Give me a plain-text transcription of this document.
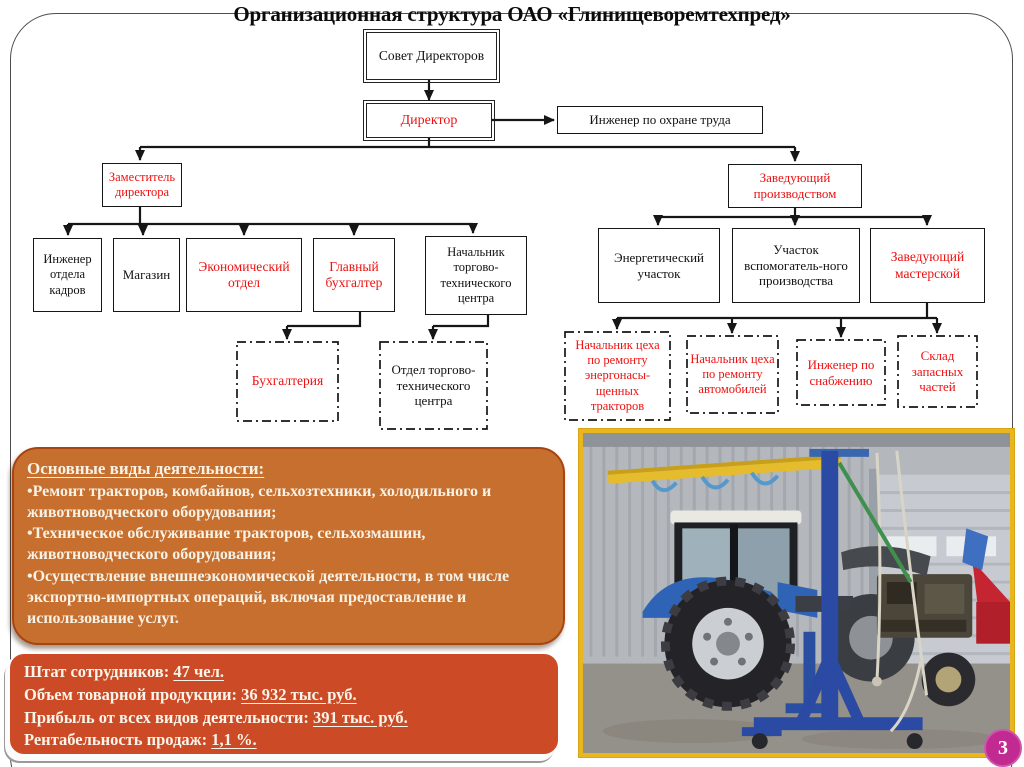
Организационная структура ОАО «Глинищеворемтехпред»
Совет Директоров
Директор	Инженер по охране труда
Заместитель директора
Заведующий производством
Инженер отдела кадров
Магазин
Экономический отдел
Главный бухгалтер
Начальник торгово-технического центра
Энергетический участок
Участок вспомогатель-ного производства
Заведующий мастерской
Бухгалтерия
Отдел торгово-технического центра
Начальник цеха по ремонту энергонасы-щенных тракторов
Начальник цеха по ремонту автомобилей
Инженер по снабжению
Склад запасных частей
Основные виды деятельности:
•Ремонт тракторов, комбайнов, сельхозтехники, холодильного и животноводческого оборудования;
•Техническое обслуживание тракторов, сельхозмашин, животноводческого оборудования;
•Осуществление внешнеэкономической деятельности, в том числе экспортно-импортных операций, включая предоставление и использование услуг.
Штат сотрудников: 47 чел.
Объем товарной продукции: 36 932 тыс. руб.
Прибыль от всех видов деятельности: 391 тыс. руб.
Рентабельность продаж: 1,1 %.	3
